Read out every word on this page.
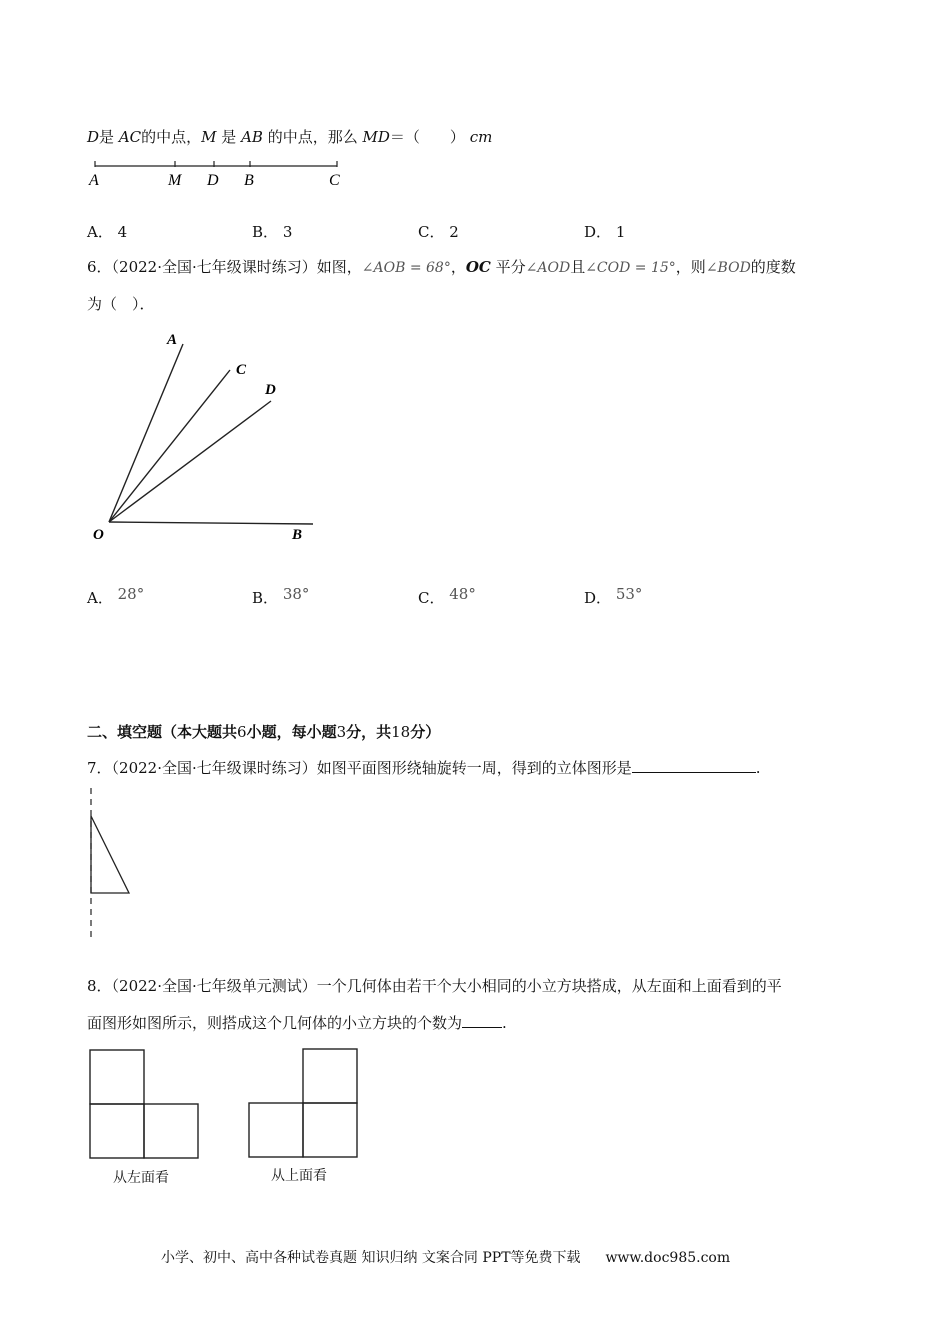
D是 AC的中点，M 是 AB 的中点，那么 MD＝（　　） cm
A	M D B	C
A． 4	B． 3	C． 2	D． 1
6．（2022·全国·七年级课时练习）如图，∠AOB = 68°，OC 平分∠AOD且∠COD = 15°，则∠BOD的度数
为（　）．
A
C
D
O	B
A． 28°	B． 38°	C． 48°	D． 53°
二、填空题（本大题共6小题，每小题3分，共18分）
7．（2022·全国·七年级课时练习）如图平面图形绕轴旋转一周，得到的立体图形是	.
8．（2022·全国·七年级单元测试）一个几何体由若干个大小相同的小立方块搭成，从左面和上面看到的平
面图形如图所示，则搭成这个几何体的小立方块的个数为	.
从左面看	从上面看
小学、初中、高中各种试卷真题 知识归纳 文案合同 PPT等免费下载 www.doc985.com
